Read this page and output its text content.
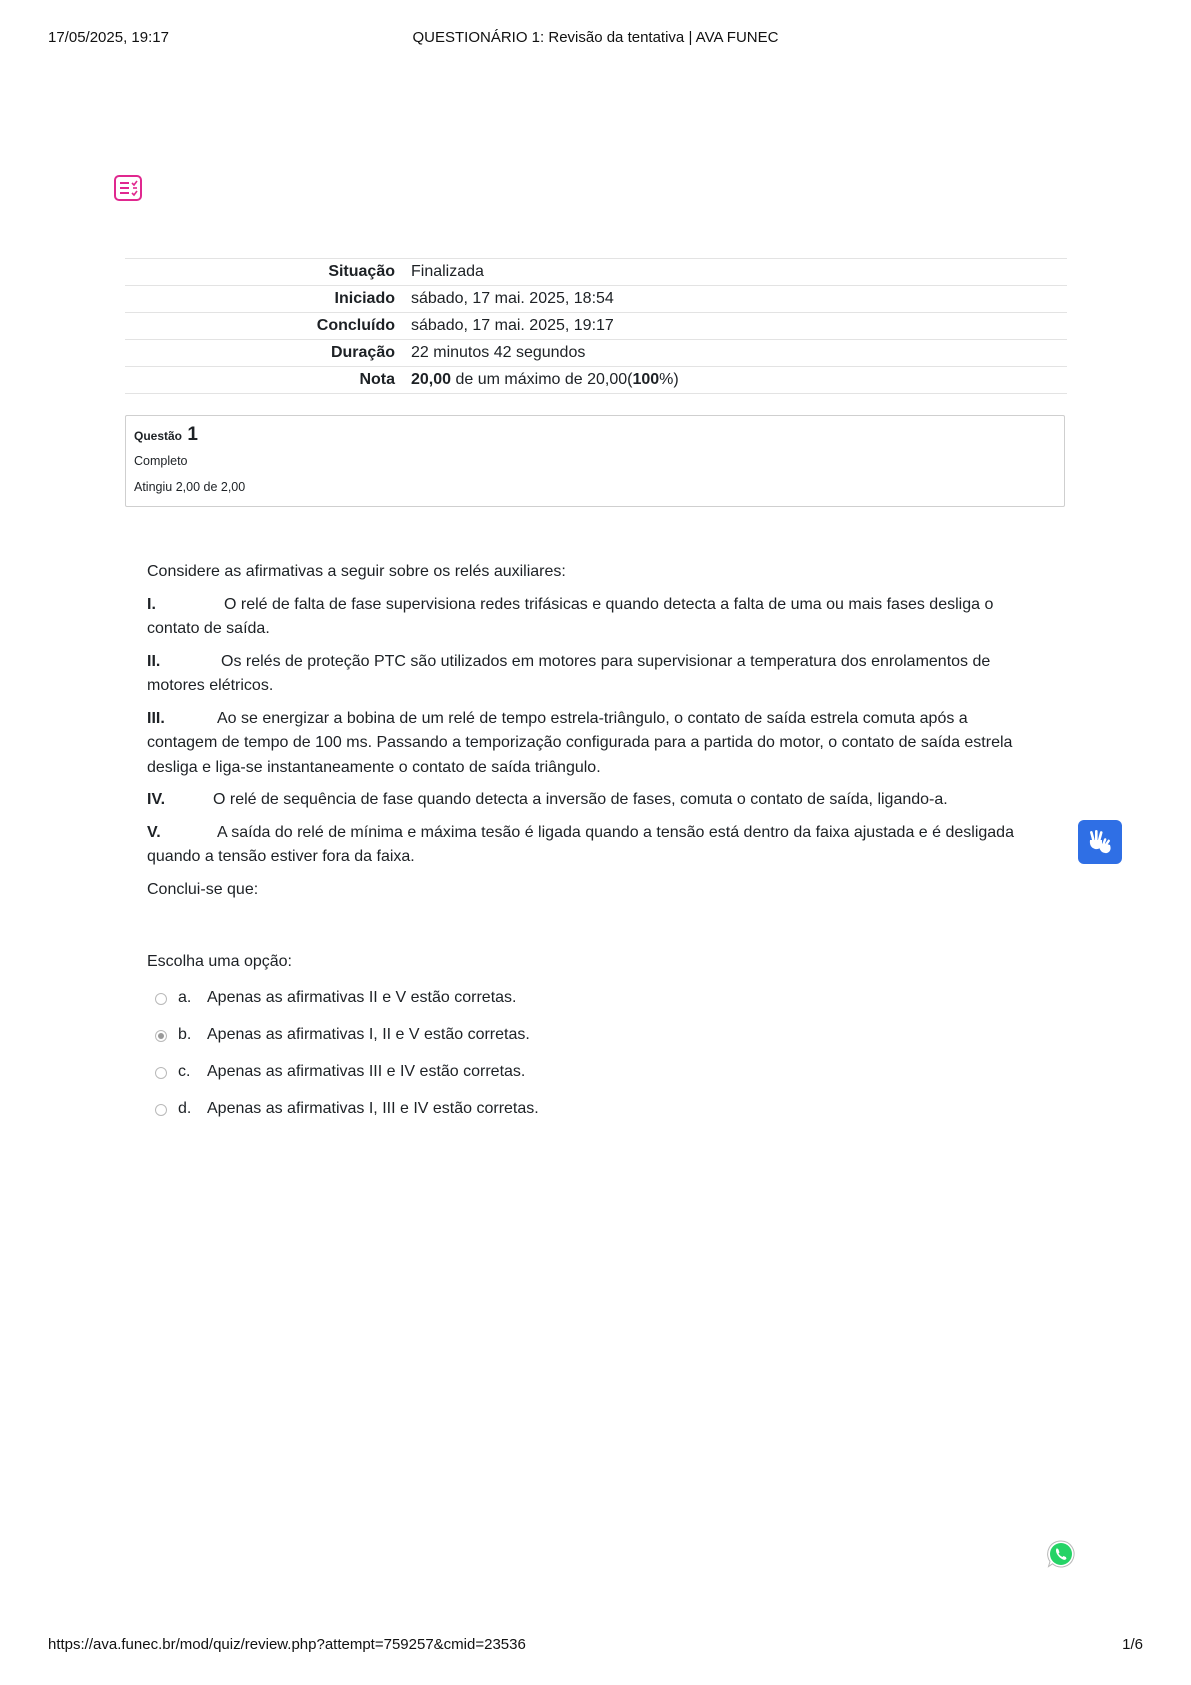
17/05/2025, 19:17	QUESTIONÁRIO 1: Revisão da tentativa | AVA FUNEC
Situação	Finalizada
Iniciado	sábado, 17 mai. 2025, 18:54
Concluído	sábado, 17 mai. 2025, 19:17
Duração	22 minutos 42 segundos
Nota	20,00 de um máximo de 20,00(100%)
Questão 1
Completo
Atingiu 2,00 de 2,00

Considere as afirmativas a seguir sobre os relés auxiliares:

I.	O relé de falta de fase supervisiona redes trifásicas e quando detecta a falta de uma ou mais fases desliga o contato de saída.

II.	Os relés de proteção PTC são utilizados em motores para supervisionar a temperatura dos enrolamentos de motores elétricos.

III.	Ao se energizar a bobina de um relé de tempo estrela-triângulo, o contato de saída estrela comuta após a contagem de tempo de 100 ms. Passando a temporização configurada para a partida do motor, o contato de saída estrela desliga e liga-se instantaneamente o contato de saída triângulo.

IV.	O relé de sequência de fase quando detecta a inversão de fases, comuta o contato de saída, ligando-a.

V.	A saída do relé de mínima e máxima tesão é ligada quando a tensão está dentro da faixa ajustada e é desligada quando a tensão estiver fora da faixa.

Conclui-se que:

Escolha uma opção:
a. Apenas as afirmativas II e V estão corretas.
b. Apenas as afirmativas I, II e V estão corretas.
c.	Apenas as afirmativas III e IV estão corretas.
d. Apenas as afirmativas I, III e IV estão corretas.
https://ava.funec.br/mod/quiz/review.php?attempt=759257&cmid=23536	1/6
